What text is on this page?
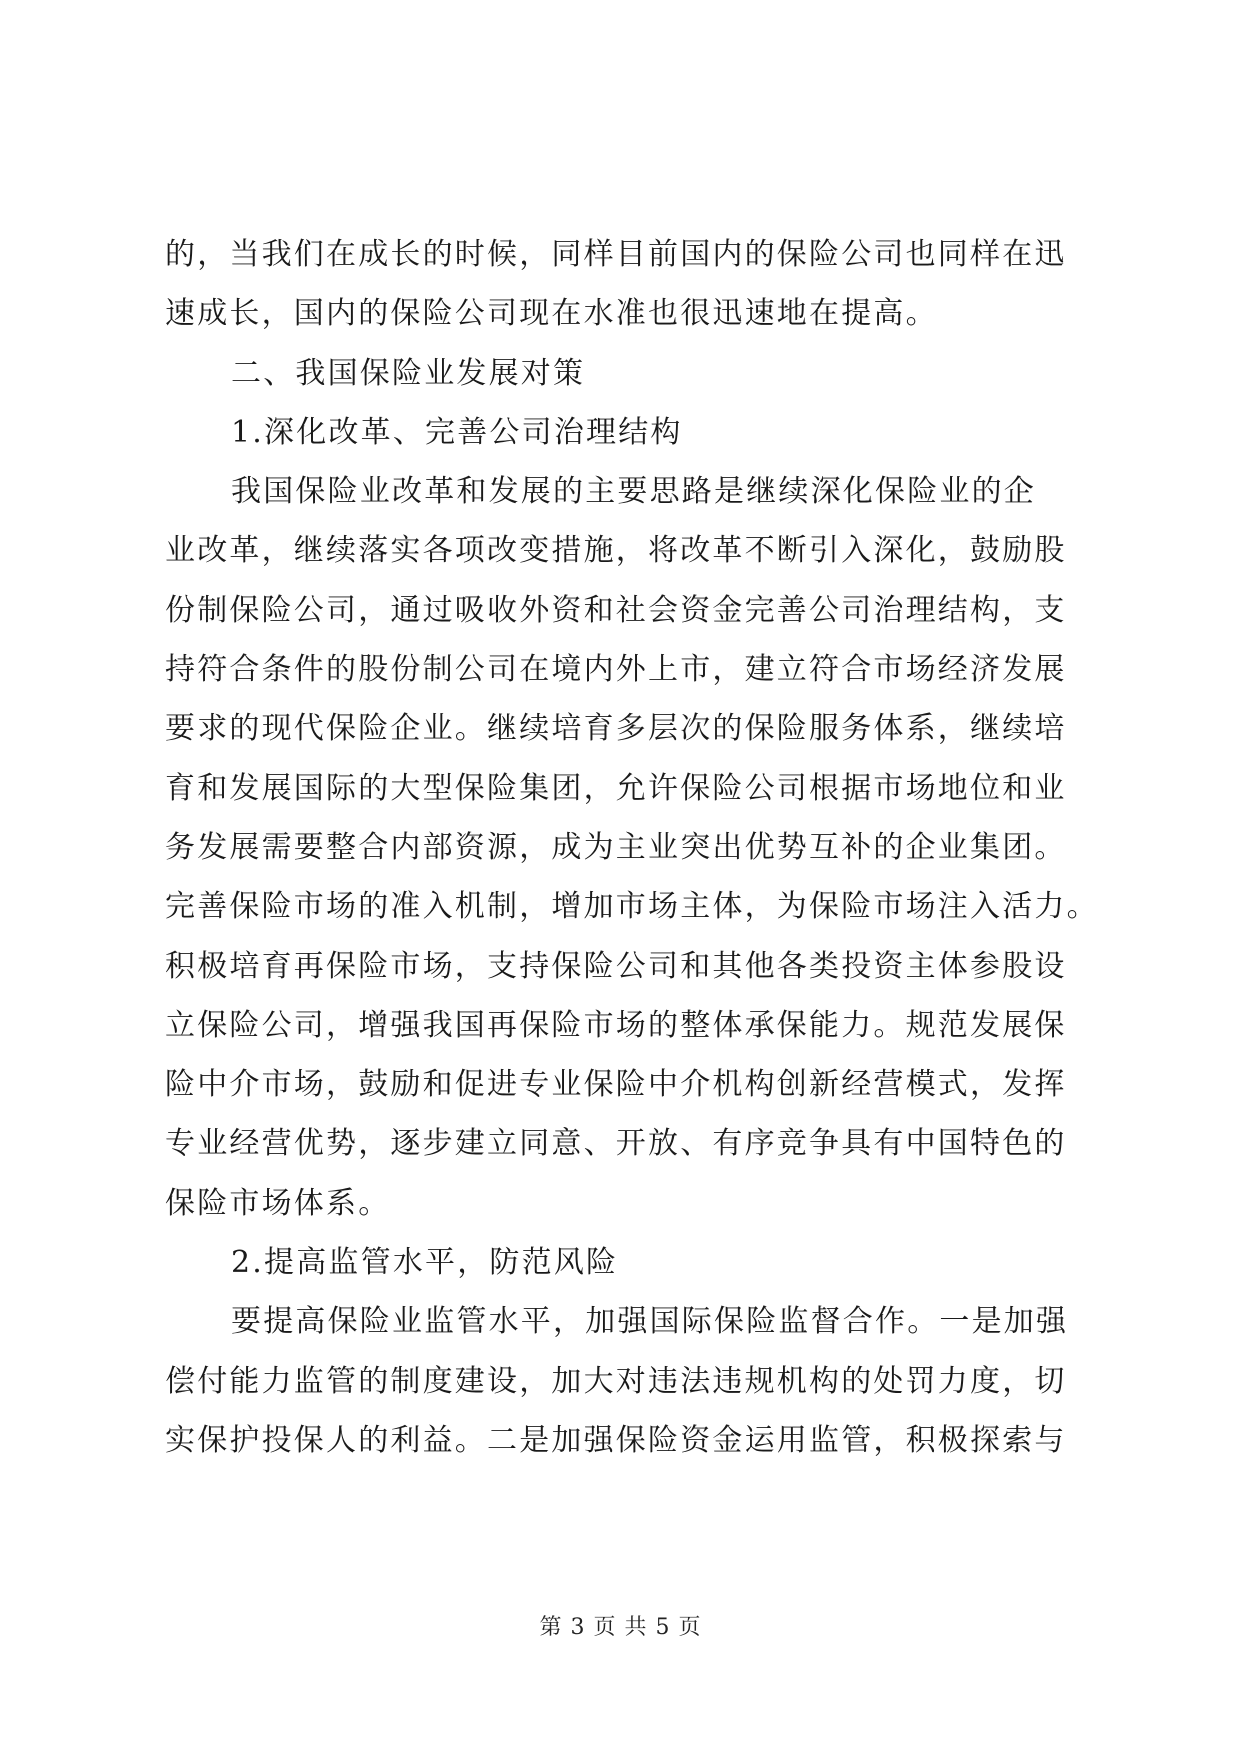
的，当我们在成长的时候，同样目前国内的保险公司也同样在迅
速成长，国内的保险公司现在水准也很迅速地在提高。
二、我国保险业发展对策
1.深化改革、完善公司治理结构
我国保险业改革和发展的主要思路是继续深化保险业的企
业改革，继续落实各项改变措施，将改革不断引入深化，鼓励股
份制保险公司，通过吸收外资和社会资金完善公司治理结构，支
持符合条件的股份制公司在境内外上市，建立符合市场经济发展
要求的现代保险企业。继续培育多层次的保险服务体系，继续培
育和发展国际的大型保险集团，允许保险公司根据市场地位和业
务发展需要整合内部资源，成为主业突出优势互补的企业集团。
完善保险市场的准入机制，增加市场主体，为保险市场注入活力。
积极培育再保险市场，支持保险公司和其他各类投资主体参股设
立保险公司，增强我国再保险市场的整体承保能力。规范发展保
险中介市场，鼓励和促进专业保险中介机构创新经营模式，发挥
专业经营优势，逐步建立同意、开放、有序竞争具有中国特色的
保险市场体系。
2.提高监管水平，防范风险
要提高保险业监管水平，加强国际保险监督合作。一是加强
偿付能力监管的制度建设，加大对违法违规机构的处罚力度，切
实保护投保人的利益。二是加强保险资金运用监管，积极探索与
第 3 页 共 5 页
